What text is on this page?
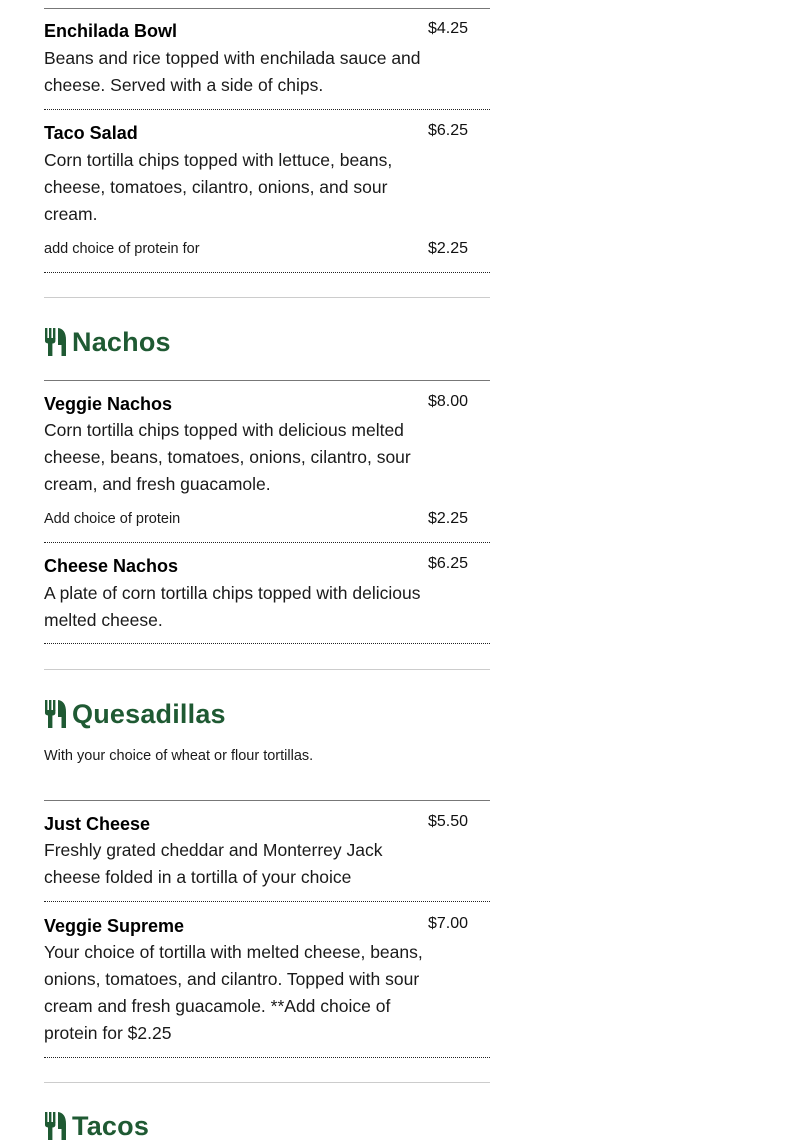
Enchilada Bowl	$4.25
Beans and rice topped with enchilada sauce and cheese. Served with a side of chips.
Taco Salad	$6.25
Corn tortilla chips topped with lettuce, beans, cheese, tomatoes, cilantro, onions, and sour cream.
add choice of protein for	$2.25
Nachos
Veggie Nachos	$8.00
Corn tortilla chips topped with delicious melted cheese, beans, tomatoes, onions, cilantro, sour cream, and fresh guacamole.
Add choice of protein	$2.25
Cheese Nachos	$6.25
A plate of corn tortilla chips topped with delicious melted cheese.
Quesadillas
With your choice of wheat or flour tortillas.
Just Cheese	$5.50
Freshly grated cheddar and Monterrey Jack cheese folded in a tortilla of your choice
Veggie Supreme	$7.00
Your choice of tortilla with melted cheese, beans, onions, tomatoes, and cilantro. Topped with sour cream and fresh guacamole. **Add choice of protein for $2.25
Tacos
